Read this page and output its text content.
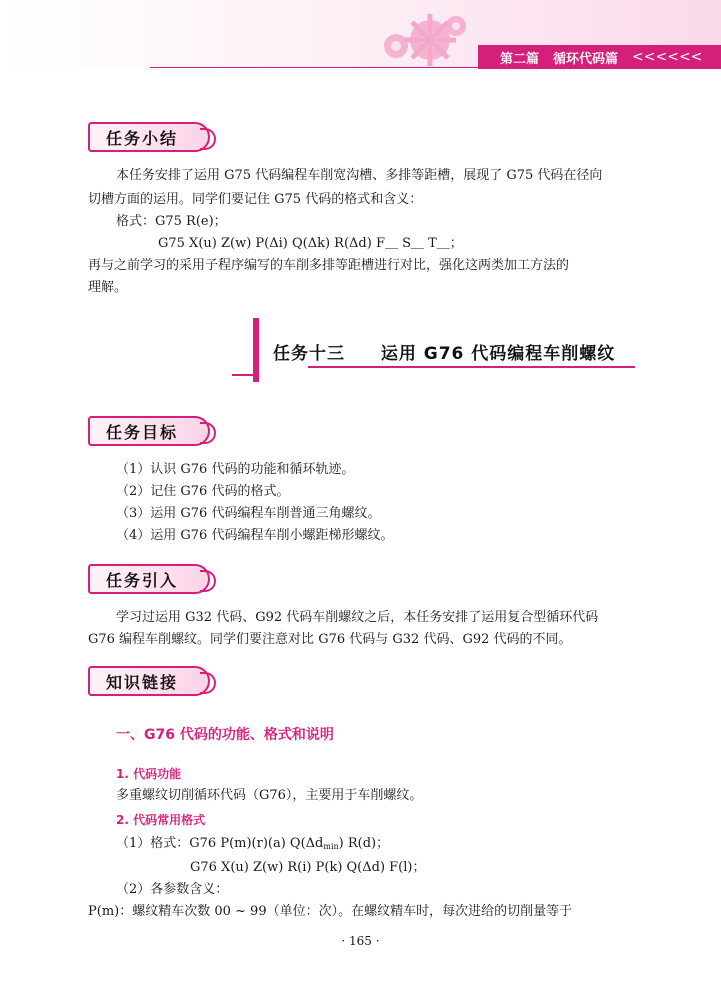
第二篇 循环代码篇 <<<<<<
任务小结
本任务安排了运用 G75 代码编程车削宽沟槽、多排等距槽，展现了 G75 代码在径向
切槽方面的运用。同学们要记住 G75 代码的格式和含义：
格式：G75 R(e)；
G75 X(u) Z(w) P(Δi) Q(Δk) R(Δd) F＿ S＿ T＿；
再与之前学习的采用子程序编写的车削多排等距槽进行对比，强化这两类加工方法的
理解。
任务十三 运用 G76 代码编程车削螺纹
任务目标
（1）认识 G76 代码的功能和循环轨迹。
（2）记住 G76 代码的格式。
（3）运用 G76 代码编程车削普通三角螺纹。
（4）运用 G76 代码编程车削小螺距梯形螺纹。
任务引入
学习过运用 G32 代码、G92 代码车削螺纹之后，本任务安排了运用复合型循环代码
G76 编程车削螺纹。同学们要注意对比 G76 代码与 G32 代码、G92 代码的不同。
知识链接
一、G76 代码的功能、格式和说明
1. 代码功能
多重螺纹切削循环代码（G76），主要用于车削螺纹。
2. 代码常用格式
（1）格式：G76 P(m)(r)(a) $Q(\Delta d_{min})$ R(d)；
G76 X(u) Z(w) R(i) P(k) Q(Δd) F(l)；
（2）各参数含义：
P(m)：螺纹精车次数 00 ~ 99（单位：次）。在螺纹精车时，每次进给的切削量等于
· 165 ·
